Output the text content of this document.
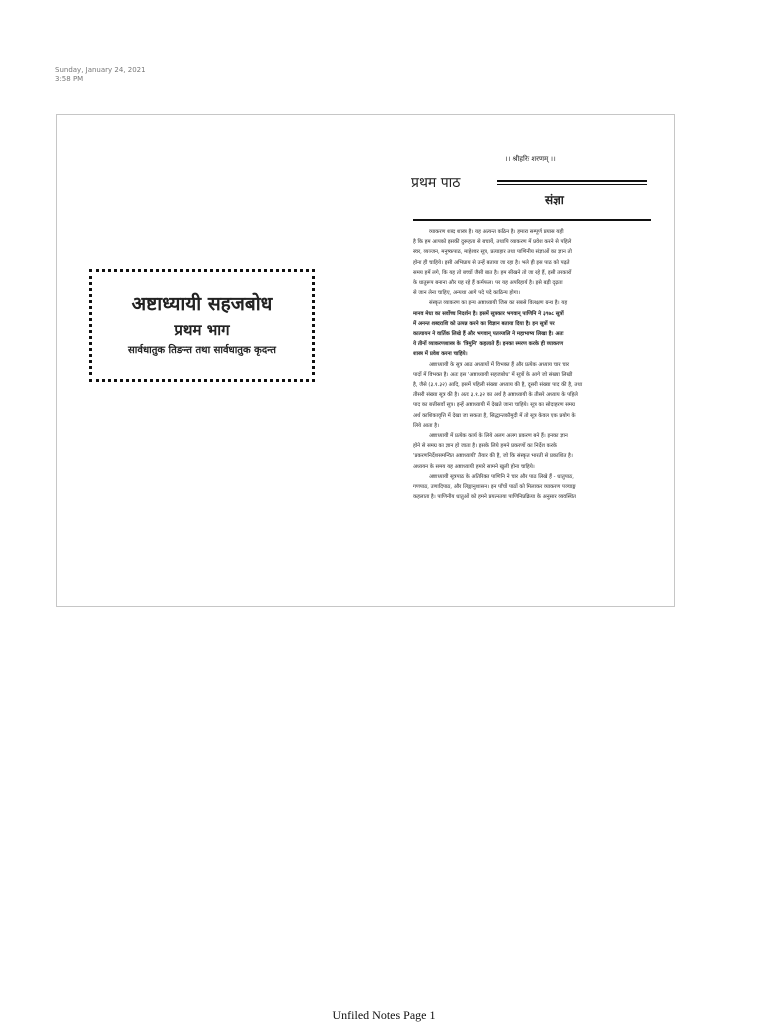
Sunday, January 24, 2021
3:58 PM
अष्टाध्यायी सहजबोध
प्रथम भाग
सार्वधातुक तिङन्त तथा सार्वधातुक कृदन्त
।। श्रीहरिः शरणम् ।।
प्रथम पाठ
संज्ञा
व्याकरण शब्द शास्त्र है। यह अत्यन्त कठिन है। हमारा सम्पूर्ण प्रयास यही
है कि हम आपको इसकी दुरूहता से बचायें, तथापि व्याकरण में प्रवेश करने से पहिले
स्वर, व्यञ्जन, मनुष्कपाठ, माहेश्वर सूत्र, प्रत्याहार तथा पाणिनीय संज्ञाओं का ज्ञान तो
होना ही चाहिये। इसी अभिप्राय से उन्हें बताया जा रहा है। भले ही इस पाठ को पढ़ते
समय हमें लगे, कि यह तो बच्चों जैसी बात है। हम सीखने तो जा रहे हैं, इसी तरकारों
के धातुरूप बनाना और यह रहे हैं कर्मफल। पर यह अपरिहार्य है। इसे बड़ी दृढ़ता
से जान लेना चाहिए, अन्यथा आगे पदे पदे काठिन्य होगा।
संस्कृत व्याकरण का इन्य अष्टाध्यायी जिस का सबसे विलक्षण ग्रन्थ है। यह
मानव मेधा का सर्वोच्च निदर्शन है। इसमें सूत्रकार भगवान् पाणिनि ने ३९७८ सूत्रों
में अनन्त शब्दराशि को उत्पन्न करने का विज्ञान बताया दिया है। इन सूत्रों पर
कात्यायन ने वार्तिक लिखे हैं और भगवान् पतञ्जलि ने महाभाष्य लिखा है। अतः
ये तीनों व्याकरणशास्त्र के 'त्रिमुनि' कहलाते हैं। इनका स्मरण करके ही व्याकरण
शास्त्र में प्रवेश करना चाहिये।
अष्टाध्यायी के सूत्र आठ अध्यायों में विभक्त हैं और प्रत्येक अध्याय चार चार
पादों में विभक्त है। अतः इस 'अष्टाध्यायी सहजबोध' में सूत्रों के आगे जो संख्या लिखी
है, जैसे (३.१.३२) आदि, इसमें पहिली संख्या अध्याय की है, दूसरी संख्या पाद की है, तथा
तीसरी संख्या सूत्र की है। अतः ३.१.३२ का अर्थ है अष्टाध्यायी के तीसरे अध्याय के पहिले
पाद का बत्तीसवाँ सूत्र। इन्हें अष्टाध्यायी में देखते जाना चाहिये। सूत्र का सोदाहरण समग्र
अर्थ काशिकावृत्ति में देखा जा सकता है, सिद्धान्तकौमुदी में तो सूत्र केवल एक प्रयोग के
लिये आता है।
अष्टाध्यायी में प्रत्येक कार्य के लिये अलग अलग प्रकरण बने हैं। इनका ज्ञान
होने से समग्र का ज्ञान हो जाता है। इसके लिये हमने प्रकरणों का निर्देश करके
'प्रकरणनिर्देशसमन्वित अष्टाध्यायी' तैयार की है, जो कि संस्कृत भारती से प्रकाशित है।
अध्ययन के समय यह अष्टाध्यायी हमारे सामने खुली होना चाहिये।
अष्टाध्यायी सूत्रपाठ के अतिरिक्त पाणिनि ने चार और पाठ लिखे हैं - धातुपाठ,
गणपाठ, उणादिपाठ, और लिङ्गानुशासन। इन पाँचों पाठों को मिलाकर व्याकरण पञ्चाङ्ग
कहलाता है। पाणिनीय धातुओं को हमने प्रयत्नतया पाणिनिप्रक्रिया के अनुसार व्यवस्थित
Unfiled Notes Page 1
